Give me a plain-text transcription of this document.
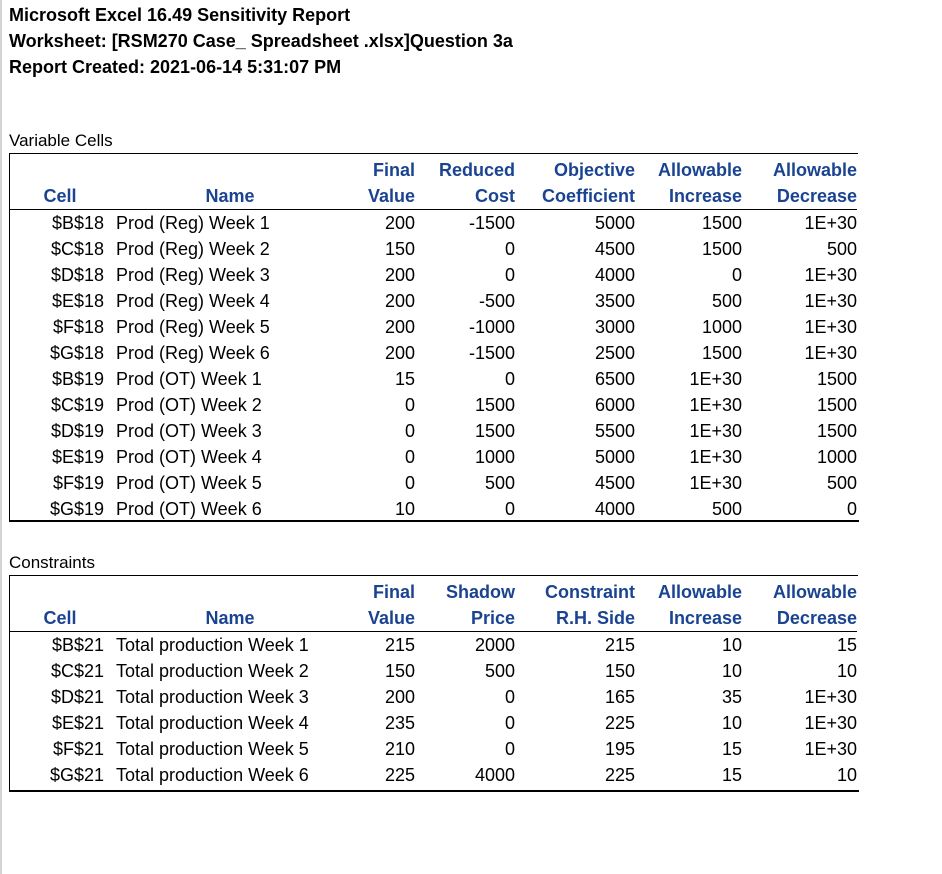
Microsoft Excel 16.49 Sensitivity Report
Worksheet: [RSM270 Case_ Spreadsheet .xlsx]Question 3a
Report Created: 2021-06-14 5:31:07 PM
Variable Cells
		Final	Reduced	Objective	Allowable	Allowable
Cell	Name	Value	Cost	Coefficient	Increase	Decrease
$B$18	Prod (Reg) Week 1	200	-1500	5000	1500	1E+30
$C$18	Prod (Reg) Week 2	150	0	4500	1500	500
$D$18	Prod (Reg) Week 3	200	0	4000	0	1E+30
$E$18	Prod (Reg) Week 4	200	-500	3500	500	1E+30
$F$18	Prod (Reg) Week 5	200	-1000	3000	1000	1E+30
$G$18	Prod (Reg) Week 6	200	-1500	2500	1500	1E+30
$B$19	Prod (OT) Week 1	15	0	6500	1E+30	1500
$C$19	Prod (OT) Week 2	0	1500	6000	1E+30	1500
$D$19	Prod (OT) Week 3	0	1500	5500	1E+30	1500
$E$19	Prod (OT) Week 4	0	1000	5000	1E+30	1000
$F$19	Prod (OT) Week 5	0	500	4500	1E+30	500
$G$19	Prod (OT) Week 6	10	0	4000	500	0
Constraints
		Final	Shadow	Constraint	Allowable	Allowable
Cell	Name	Value	Price	R.H. Side	Increase	Decrease
$B$21	Total production Week 1	215	2000	215	10	15
$C$21	Total production Week 2	150	500	150	10	10
$D$21	Total production Week 3	200	0	165	35	1E+30
$E$21	Total production Week 4	235	0	225	10	1E+30
$F$21	Total production Week 5	210	0	195	15	1E+30
$G$21	Total production Week 6	225	4000	225	15	10
